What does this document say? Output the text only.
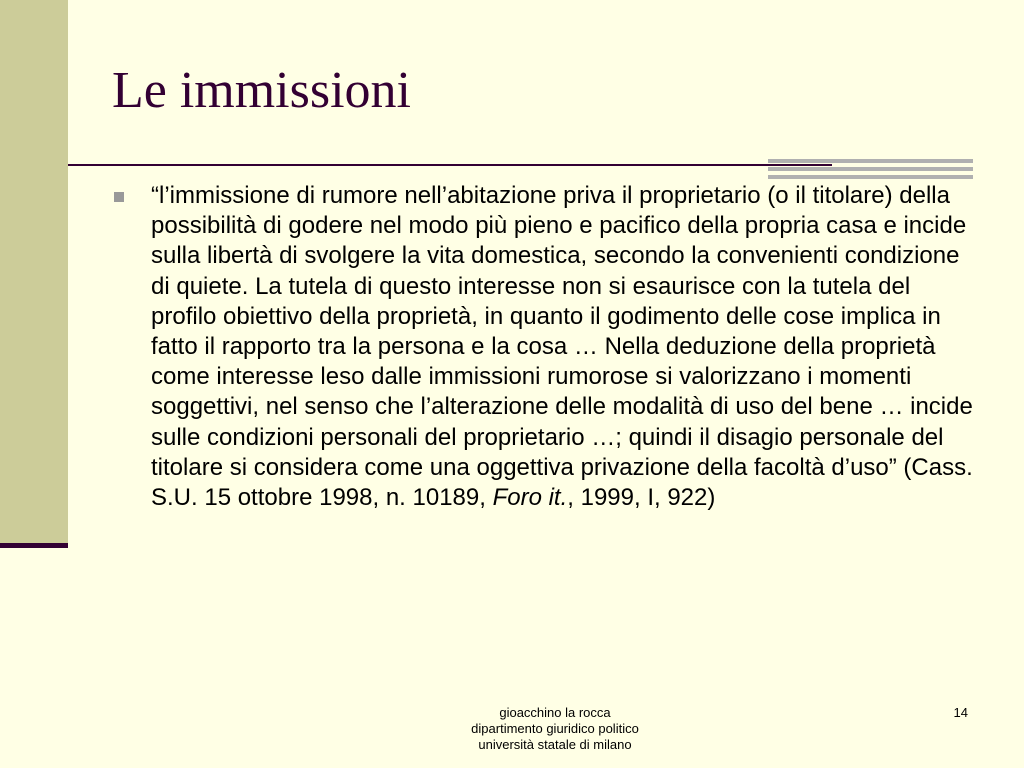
Le immissioni
“l’immissione di rumore nell’abitazione priva il proprietario (o il titolare) della possibilità di godere nel modo più pieno e pacifico della propria casa e incide sulla libertà di svolgere la vita domestica, secondo la convenienti condizione di quiete. La tutela di questo interesse non si esaurisce con la tutela del profilo obiettivo della proprietà, in quanto il godimento delle cose implica in fatto il rapporto tra la persona e la cosa … Nella deduzione della proprietà come interesse leso dalle immissioni rumorose si valorizzano i momenti soggettivi, nel senso che l’alterazione delle modalità di uso del bene … incide sulle condizioni personali del proprietario …; quindi il disagio personale del titolare si considera come una oggettiva privazione della facoltà d’uso” (Cass. S.U. 15 ottobre 1998, n. 10189, Foro it., 1999, I, 922)
gioacchino la rocca
dipartimento giuridico politico
università statale di milano
14
